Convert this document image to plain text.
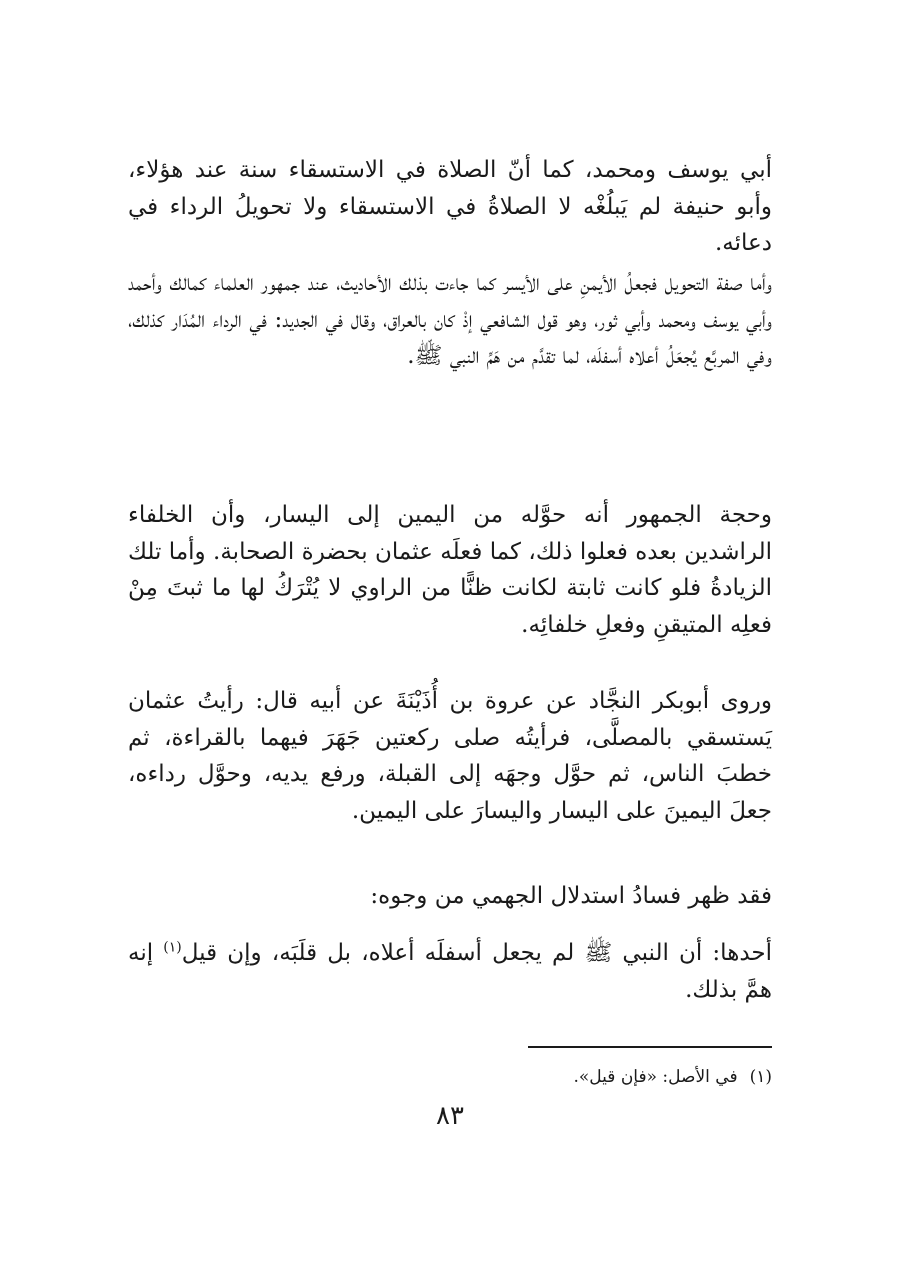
أبي يوسف ومحمد، كما أنّ الصلاة في الاستسقاء سنة عند هؤلاء، وأبو حنيفة لم يَبلُغْه لا الصلاةُ في الاستسقاء ولا تحويلُ الرداء في دعائه.

وأما صفة التحويل فجعلُ الأيمنِ على الأيسر كما جاءت بذلك الأحاديث، عند جمهور العلماء كمالك وأحمد وأبي يوسف ومحمد وأبي ثور، وهو قول الشافعي إذْ كان بالعراق، وقال في الجديد: في الرداء المُدَار كذلك، وفي المربَّع يُجعَلُ أعلاه أسفلَه، لما تقدَّم من هَمِّ النبي ﷺ.

وحجة الجمهور أنه حوَّله من اليمين إلى اليسار، وأن الخلفاء الراشدين بعده فعلوا ذلك، كما فعلَه عثمان بحضرة الصحابة. وأما تلك الزيادةُ فلو كانت ثابتة لكانت ظنًّا من الراوي لا يُتْرَكُ لها ما ثبتَ مِنْ فعلِه المتيقنِ وفعلِ خلفائِه.

وروى أبوبكر النجَّاد عن عروة بن أُذَيْنَةَ عن أبيه قال: رأيتُ عثمان يَستسقي بالمصلَّى، فرأيتُه صلى ركعتين جَهَرَ فيهما بالقراءة، ثم خطبَ الناس، ثم حوَّل وجهَه إلى القبلة، ورفع يديه، وحوَّل رداءه، جعلَ اليمينَ على اليسار واليسارَ على اليمين.

فقد ظهر فسادُ استدلال الجهمي من وجوه:

أحدها: أن النبي ﷺ لم يجعل أسفلَه أعلاه، بل قلَبَه، وإن قيل$^{(١)}$ إنه همَّ بذلك.

(١)في الأصل: «فإن قيل».

٨٣
